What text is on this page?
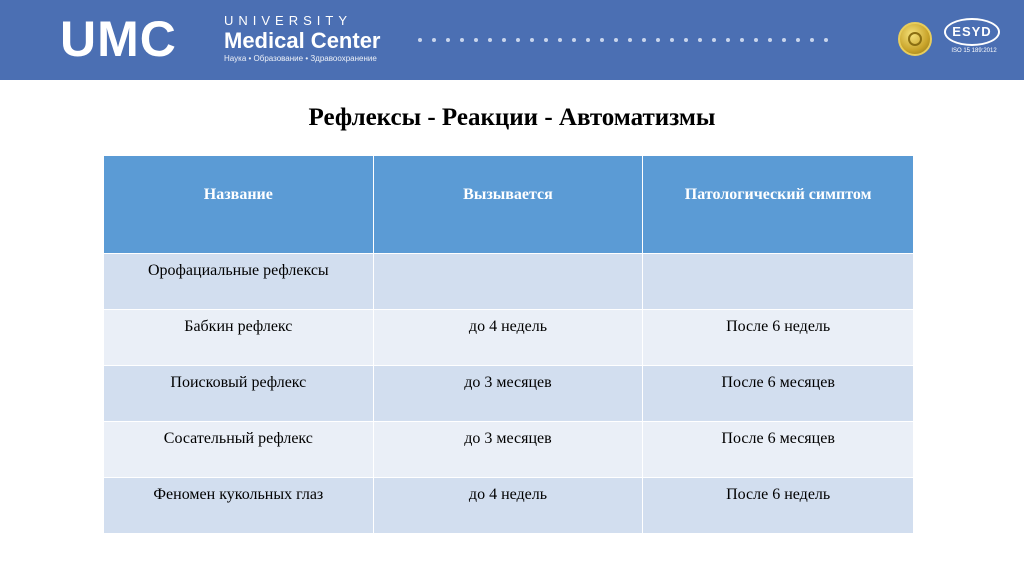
UMC	UNIVERSITY
Medical Center
Наука • Образование • Здравоохранение
ESYD
ISO 15 189:2012
Рефлексы - Реакции - Автоматизмы
Название	Вызывается	Патологический симптом
Орофациальные рефлексы		
Бабкин рефлекс	до 4 недель	После 6 недель
Поисковый рефлекс	до 3 месяцев	После 6 месяцев
Сосательный рефлекс	до 3 месяцев	После 6 месяцев
Феномен кукольных глаз	до 4 недель	После 6 недель
